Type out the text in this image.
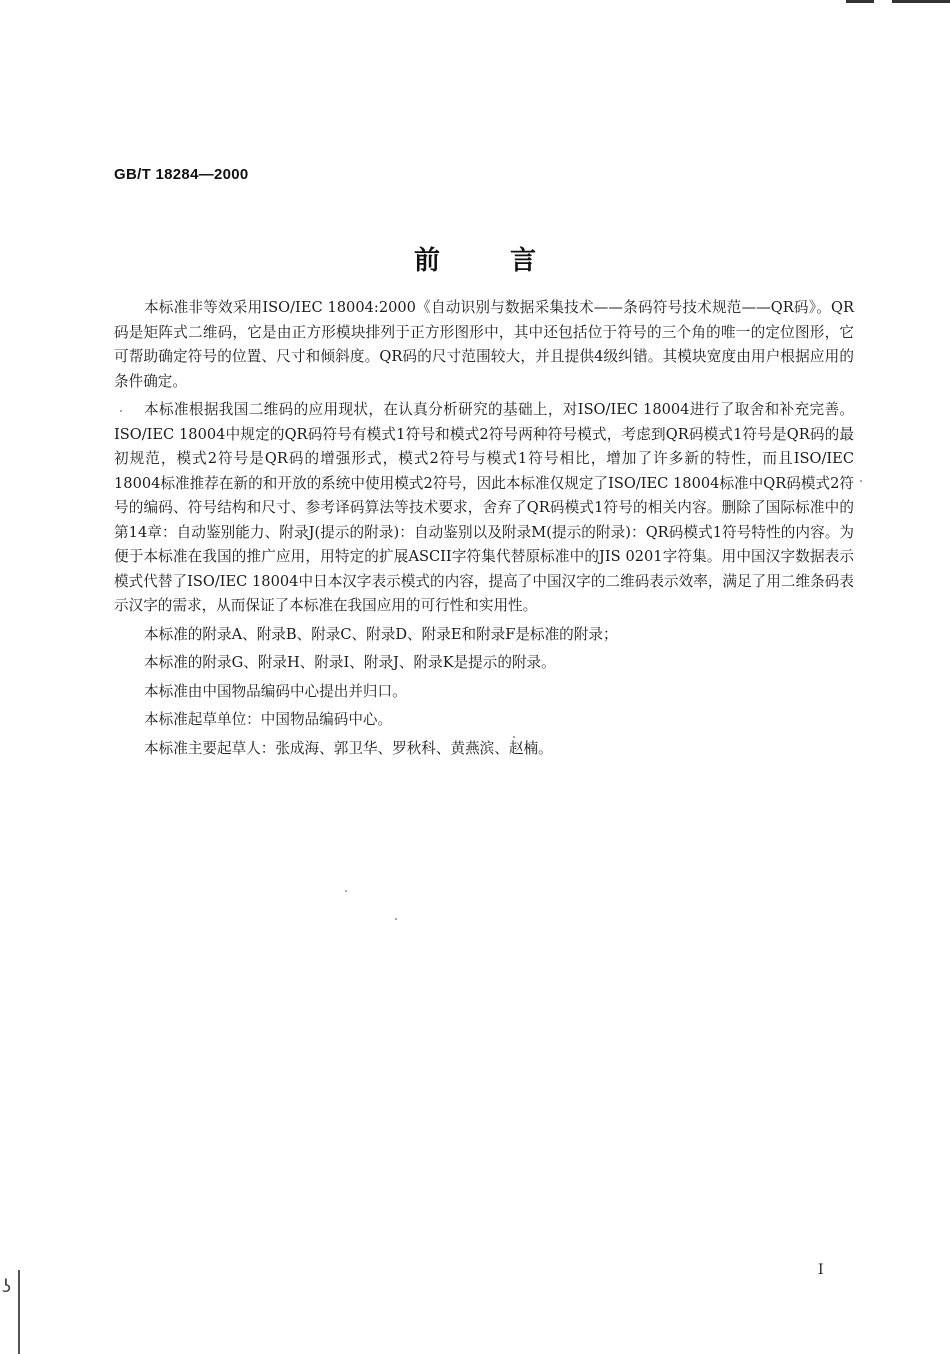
ʖ
GB/T 18284—2000
前言

本标准非等效采用ISO/IEC 18004:2000《自动识别与数据采集技术——条码符号技术规范——QR码》。QR码是矩阵式二维码，它是由正方形模块排列于正方形图形中，其中还包括位于符号的三个角的唯一的定位图形，它可帮助确定符号的位置、尺寸和倾斜度。QR码的尺寸范围较大，并且提供4级纠错。其模块宽度由用户根据应用的条件确定。

本标准根据我国二维码的应用现状，在认真分析研究的基础上，对ISO/IEC 18004进行了取舍和补充完善。ISO/IEC 18004中规定的QR码符号有模式1符号和模式2符号两种符号模式，考虑到QR码模式1符号是QR码的最初规范，模式2符号是QR码的增强形式，模式2符号与模式1符号相比，增加了许多新的特性，而且ISO/IEC 18004标准推荐在新的和开放的系统中使用模式2符号，因此本标准仅规定了ISO/IEC 18004标准中QR码模式2符号的编码、符号结构和尺寸、参考译码算法等技术要求，舍弃了QR码模式1符号的相关内容。删除了国际标准中的第14章：自动鉴别能力、附录J(提示的附录)：自动鉴别以及附录M(提示的附录)：QR码模式1符号特性的内容。为便于本标准在我国的推广应用，用特定的扩展ASCII字符集代替原标准中的JIS 0201字符集。用中国汉字数据表示模式代替了ISO/IEC 18004中日本汉字表示模式的内容，提高了中国汉字的二维码表示效率，满足了用二维条码表示汉字的需求，从而保证了本标准在我国应用的可行性和实用性。

本标准的附录A、附录B、附录C、附录D、附录E和附录F是标准的附录；

本标准的附录G、附录H、附录I、附录J、附录K是提示的附录。

本标准由中国物品编码中心提出并归口。

本标准起草单位：中国物品编码中心。

本标准主要起草人：张成海、郭卫华、罗秋科、黄燕滨、赵楠。

I
